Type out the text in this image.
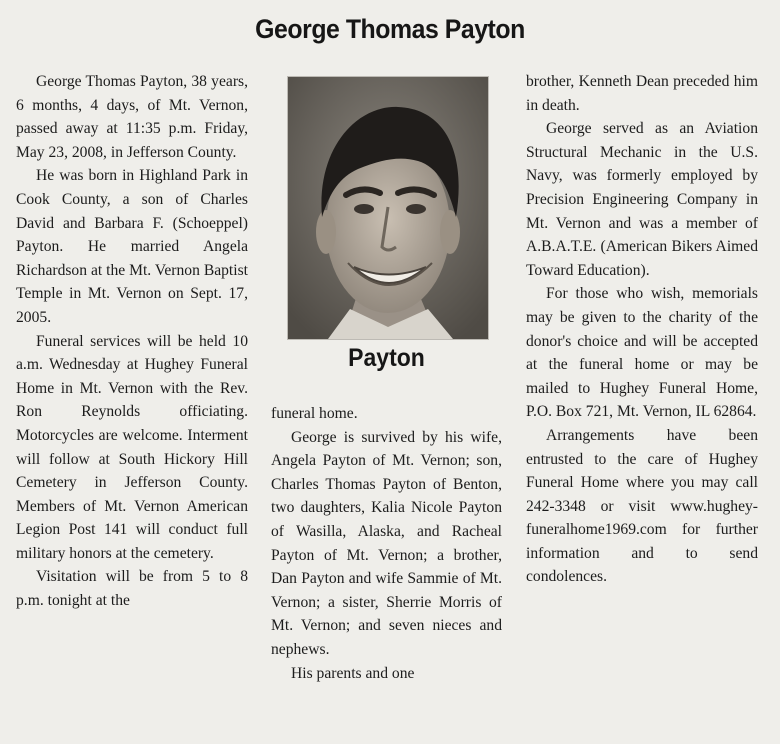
George Thomas Payton

George Thomas Payton, 38 years, 6 months, 4 days, of Mt. Vernon, passed away at 11:35 p.m. Friday, May 23, 2008, in Jefferson County.

He was born in Highland Park in Cook County, a son of Charles David and Barbara F. (Schoeppel) Payton. He married Angela Richardson at the Mt. Vernon Baptist Temple in Mt. Vernon on Sept. 17, 2005.

Funeral services will be held 10 a.m. Wednesday at Hughey Funeral Home in Mt. Vernon with the Rev. Ron Reynolds officiating. Motorcycles are welcome. Interment will follow at South Hickory Hill Cemetery in Jefferson County. Members of Mt. Vernon American Legion Post 141 will conduct full military honors at the cemetery.

Visitation will be from 5 to 8 p.m. tonight at the

Payton

funeral home.

George is survived by his wife, Angela Payton of Mt. Vernon; son, Charles Thomas Payton of Benton, two daughters, Kalia Nicole Payton of Wasilla, Alaska, and Racheal Payton of Mt. Vernon; a brother, Dan Payton and wife Sammie of Mt. Vernon; a sister, Sherrie Morris of Mt. Vernon; and seven nieces and nephews.

His parents and one

brother, Kenneth Dean preceded him in death.

George served as an Aviation Structural Mechanic in the U.S. Navy, was formerly employed by Precision Engineering Company in Mt. Vernon and was a member of A.B.A.T.E. (American Bikers Aimed Toward Education).

For those who wish, memorials may be given to the charity of the donor's choice and will be accepted at the funeral home or may be mailed to Hughey Funeral Home, P.O. Box 721, Mt. Vernon, IL 62864.

Arrangements have been entrusted to the care of Hughey Funeral Home where you may call 242-3348 or visit www.hughey-funeralhome1969.com for further information and to send condolences.
